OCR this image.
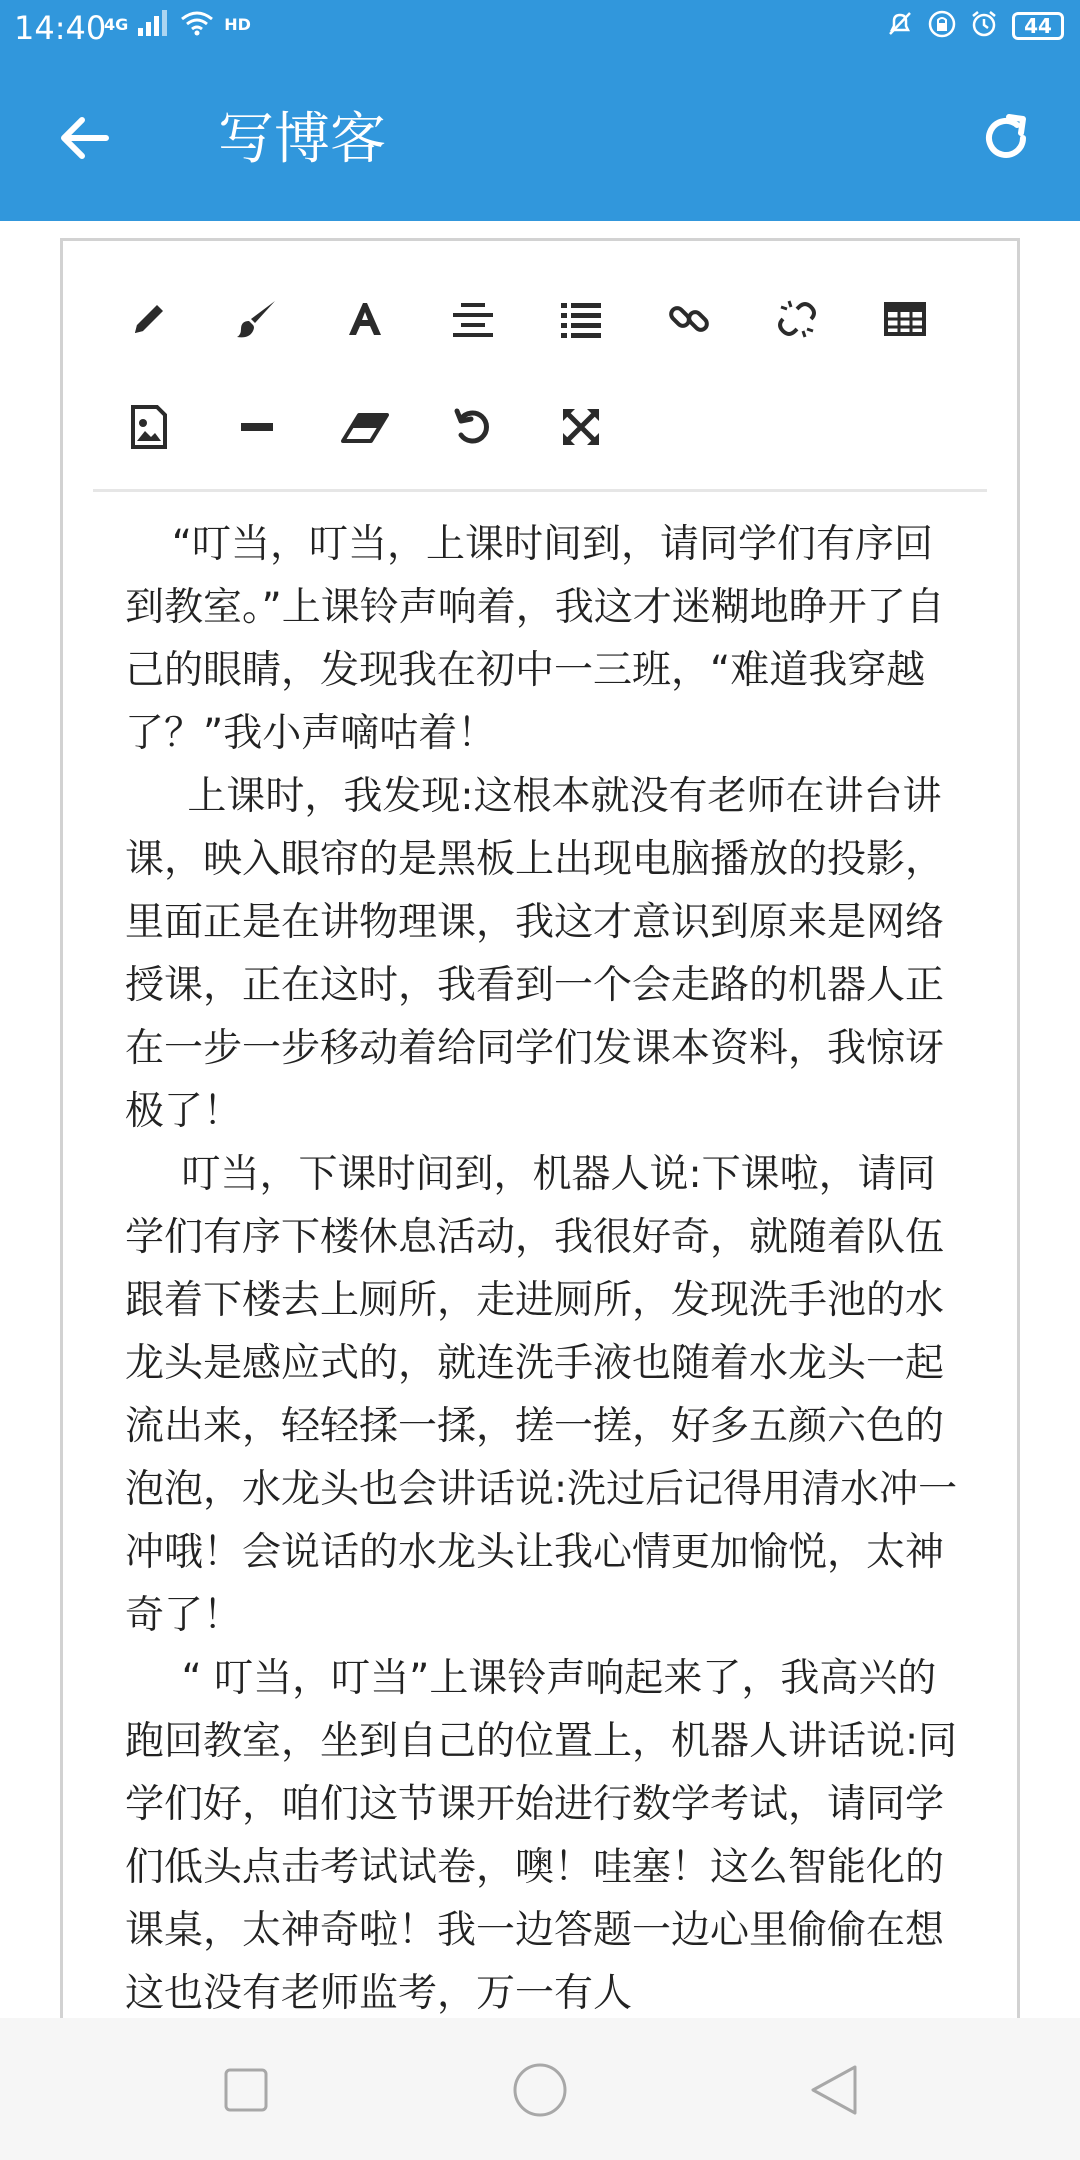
14:40
4G	HD	44
写博客

“叮当，叮当，上课时间到，请同学们有序回到教室。”上课铃声响着，我这才迷糊地睁开了自己的眼睛，发现我在初中一三班，“难道我穿越了？”我小声嘀咕着！

上课时，我发现:这根本就没有老师在讲台讲课，映入眼帘的是黑板上出现电脑播放的投影，里面正是在讲物理课，我这才意识到原来是网络授课，正在这时，我看到一个会走路的机器人正在一步一步移动着给同学们发课本资料，我惊讶极了！

叮当，下课时间到，机器人说:下课啦，请同学们有序下楼休息活动，我很好奇，就随着队伍跟着下楼去上厕所，走进厕所，发现洗手池的水龙头是感应式的，就连洗手液也随着水龙头一起流出来，轻轻揉一揉，搓一搓，好多五颜六色的泡泡，水龙头也会讲话说:洗过后记得用清水冲一冲哦！会说话的水龙头让我心情更加愉悦，太神奇了！

“ 叮当，叮当”上课铃声响起来了，我高兴的跑回教室，坐到自己的位置上，机器人讲话说:同学们好，咱们这节课开始进行数学考试，请同学们低头点击考试试卷，噢！哇塞！这么智能化的课桌，太神奇啦！我一边答题一边心里偷偷在想这也没有老师监考，万一有人
